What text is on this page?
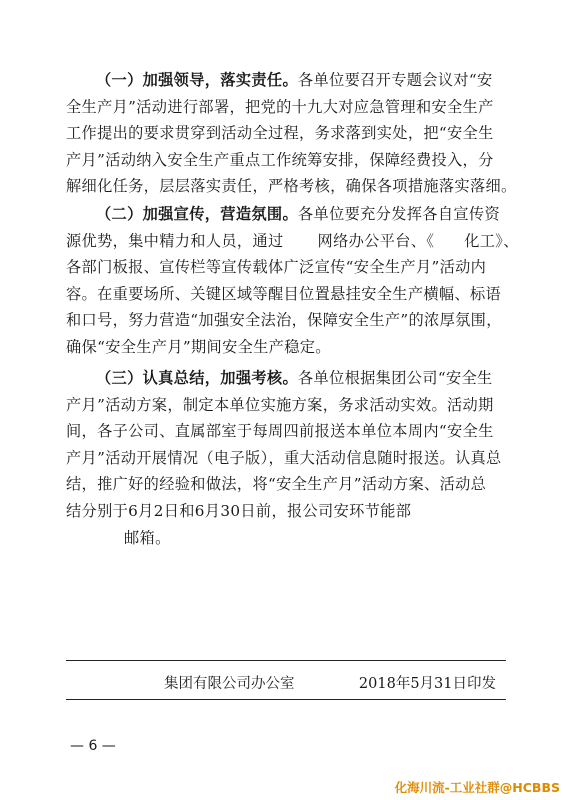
（一）加强领导，落实责任。各单位要召开专题会议对“安
全生产月”活动进行部署，把党的十九大对应急管理和安全生产
工作提出的要求贯穿到活动全过程，务求落到实处，把“安全生
产月”活动纳入安全生产重点工作统筹安排，保障经费投入，分
解细化任务，层层落实责任，严格考核，确保各项措施落实落细。
（二）加强宣传，营造氛围。各单位要充分发挥各自宣传资
源优势，集中精力和人员，通过 网络办公平台、《 化工》、
各部门板报、宣传栏等宣传载体广泛宣传“安全生产月”活动内
容。在重要场所、关键区域等醒目位置悬挂安全生产横幅、标语
和口号，努力营造“加强安全法治，保障安全生产”的浓厚氛围，
确保“安全生产月”期间安全生产稳定。
（三）认真总结，加强考核。各单位根据集团公司“安全生
产月”活动方案，制定本单位实施方案，务求活动实效。活动期
间，各子公司、直属部室于每周四前报送本单位本周内“安全生
产月”活动开展情况（电子版），重大活动信息随时报送。认真总
结，推广好的经验和做法，将“安全生产月”活动方案、活动总
结分别于6月2日和6月30日前，报公司安环节能部
邮箱。
集团有限公司办公室	2018年5月31日印发
— 6 —
化海川流-工业社群@HCBBS
